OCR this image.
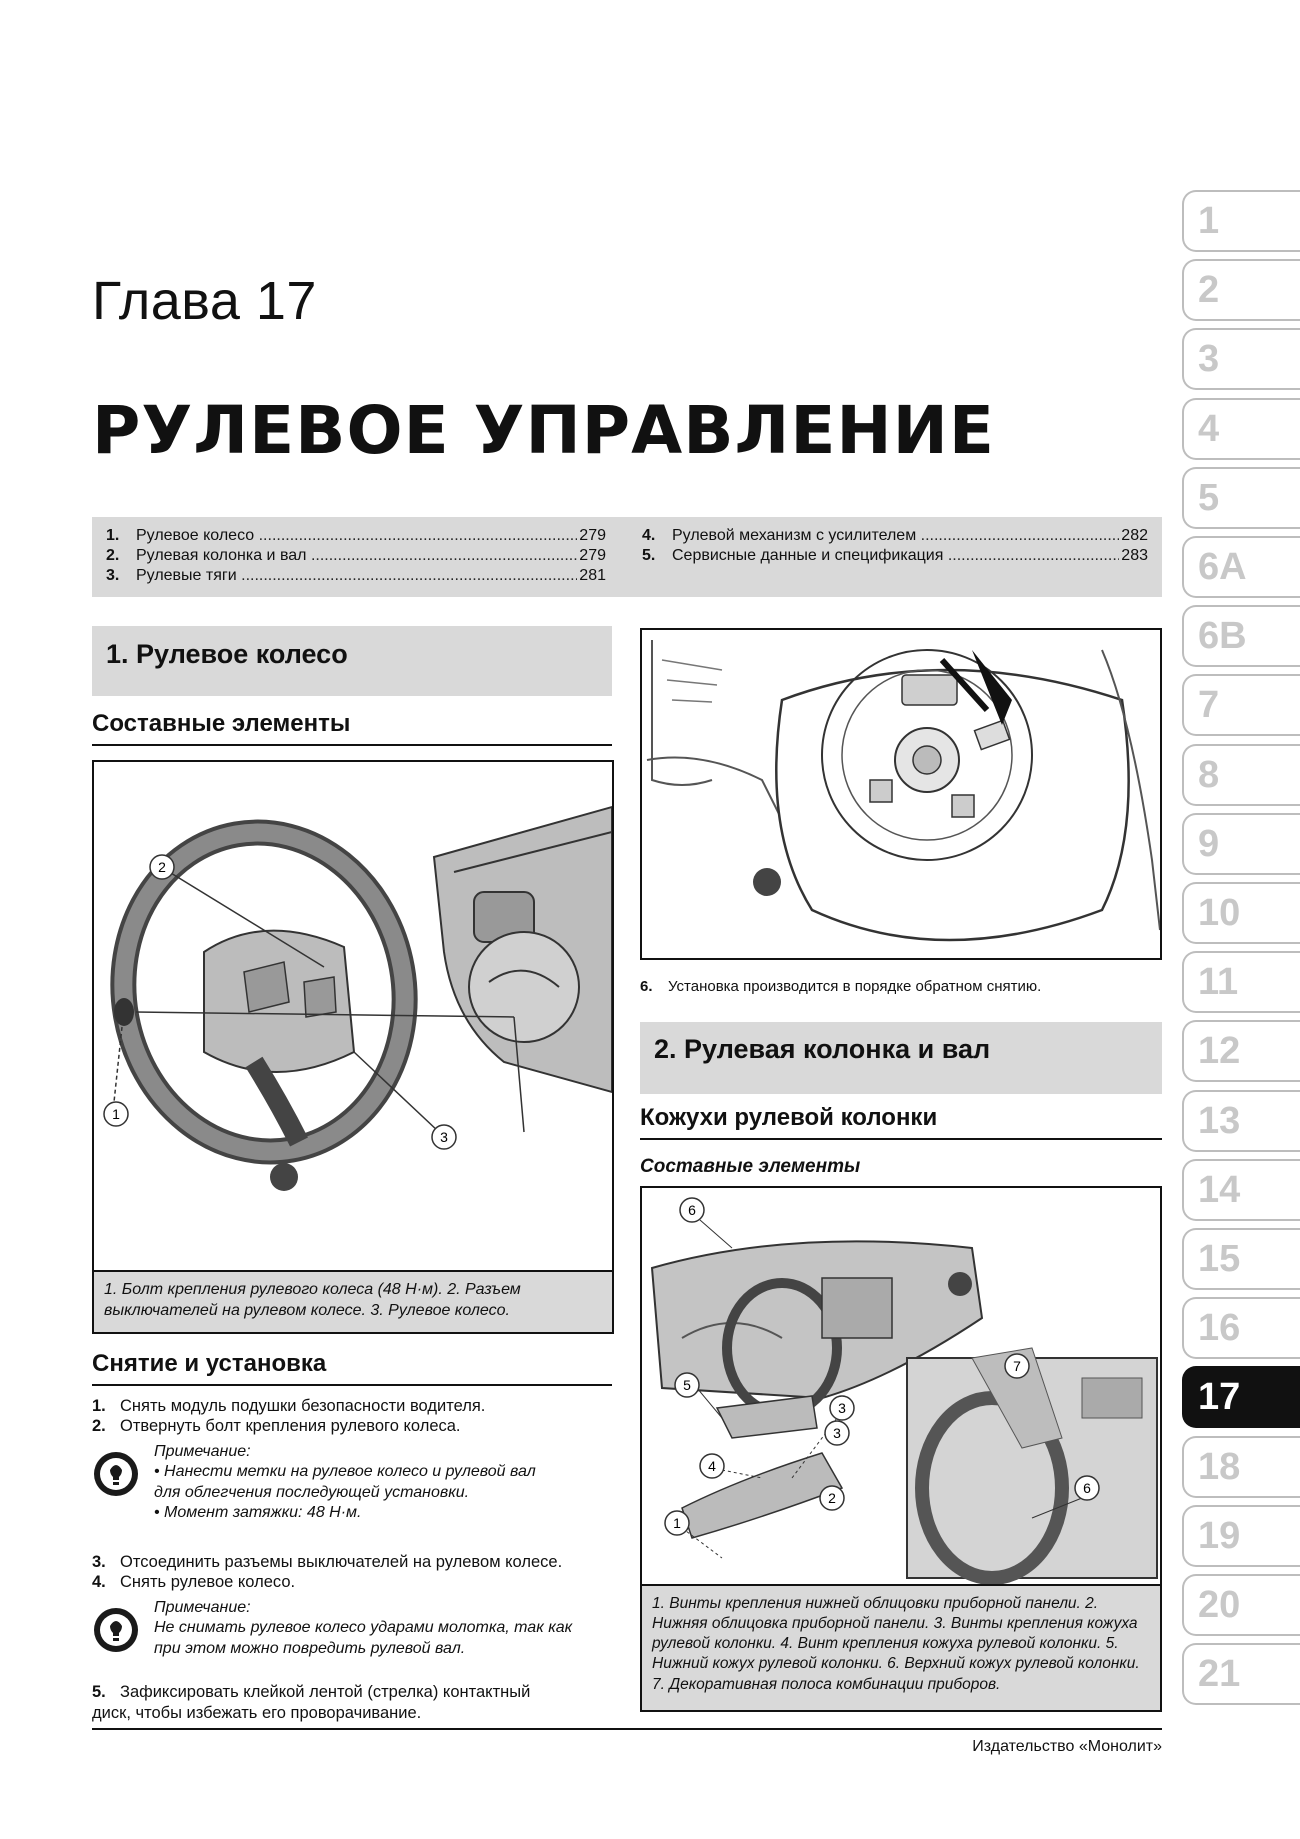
Глава 17
РУЛЕВОЕ УПРАВЛЕНИЕ
1.	Рулевое колесо .....	279
2.	Рулевая колонка и вал .....	279
3.	Рулевые тяги .....	281
4.	Рулевой механизм с усилителем .....	282
5.	Сервисные данные и спецификация .....	283
1. Рулевое колесо
Составные элементы
2
1
3
1. Болт крепления рулевого колеса (48 Н·м). 2. Разъем выключателей на рулевом колесе. 3. Рулевое колесо.
Снятие и установка
1. Снять модуль подушки безопасности водителя.
2. Отвернуть болт крепления рулевого колеса.
Примечание:
• Нанести метки на рулевое колесо и рулевой вал
для облегчения последующей установки.
• Момент затяжки: 48 Н·м.
3. Отсоединить разъемы выключателей на рулевом колесе.
4. Снять рулевое колесо.
Примечание:
Не снимать рулевое колесо ударами молотка, так как
при этом можно повредить рулевой вал.
5. Зафиксировать клейкой лентой (стрелка) контактный
диск, чтобы избежать его проворачивание.
6. Установка производится в порядке обратном снятию.
2. Рулевая колонка и вал
Кожухи рулевой колонки
Составные элементы
6
5
3
3
4
2
1
7
6
1. Винты крепления нижней облицовки приборной панели. 2. Нижняя облицовка приборной панели. 3. Винты крепления кожуха рулевой колонки. 4. Винт крепления кожуха рулевой колонки. 5. Нижний кожух рулевой колонки. 6. Верхний кожух рулевой колонки. 7. Декоративная полоса комбинации приборов.
1
2
3
4
5
6A
6B
7
8
9
10
11
12
13
14
15
16
17
18
19
20
21
Издательство «Монолит»
